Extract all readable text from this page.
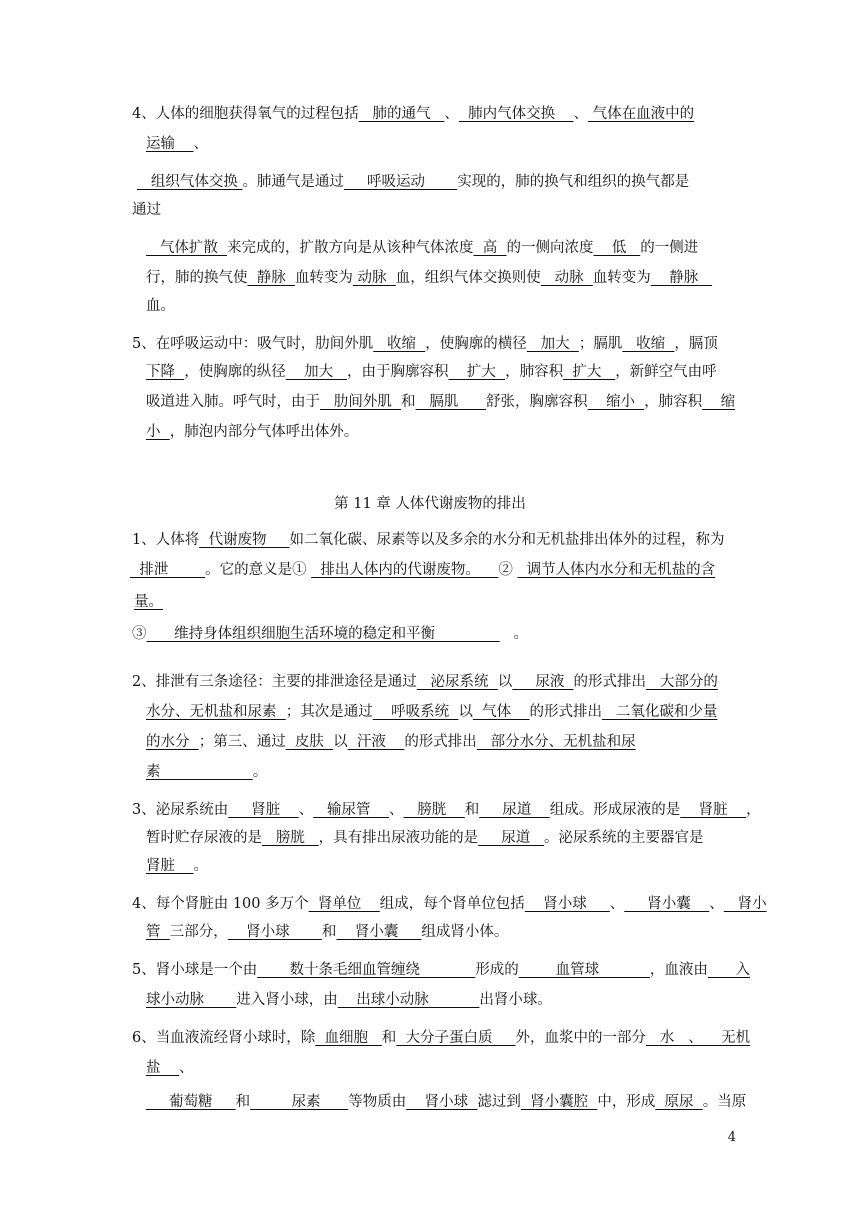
第 11 章 人体代谢废物的排出
4
4、人体的细胞获得氧气的过程包括   肺的通气   、  肺内气体交换    、 气体在血液中的
运输    、
组织气体交换 。肺通气是通过     呼吸运动       实现的，肺的换气和组织的换气都是
通过
气体扩散  来完成的，扩散方向是从该种气体浓度  高  的一侧向浓度    低   的一侧进
行，肺的换气使  静脉  血转变为 动脉  血，组织气体交换则使   动脉  血转变为    静脉
血。
5、在呼吸运动中：吸气时，肋间外肌   收缩  ，使胸廓的横径   加大  ；膈肌   收缩  ，膈顶
下降  ，使胸廓的纵径    加大   ，由于胸廓容积    扩大  ，肺容积  扩大   ，新鲜空气由呼
吸道进入肺。呼气时，由于   肋间外肌  和   膈肌      舒张，胸廓容积    缩小  ，肺容积    缩
小  ，肺泡内部分气体呼出体外。
1、人体将  代谢废物     如二氧化碳、尿素等以及多余的水分和无机盐排出体外的过程，称为
排泄        。它的意义是①   排出人体内的代谢废物。    ②   调节人体内水分和无机盐的含
量。
③      维持身体组织细胞生活环境的稳定和平衡                 。
2、排泄有三条途径：主要的排泄途径是通过   泌尿系统  以     尿液  的形式排出   大部分的
水分、无机盐和尿素  ；其次是通过    呼吸系统  以  气体    的形式排出   二氧化碳和少量
的水分  ；第三、通过  皮肤  以  汗液    的形式排出   部分水分、无机盐和尿
素                    。
3、泌尿系统由     肾脏    、   输尿管    、   膀胱    和     尿道    组成。形成尿液的是    肾脏    ，
暂时贮存尿液的是   膀胱   ，具有排出尿液功能的是     尿道   。泌尿系统的主要器官是
肾脏    。
4、每个肾脏由 100 多万个  肾单位    组成，每个肾单位包括    肾小球     、     肾小囊    、   肾小
管  三部分，    肾小球       和    肾小囊     组成肾小体。
5、肾小球是一个由       数十条毛细血管缠绕            形成的        血管球           ，血液由      入
球小动脉       进入肾小球，由    出球小动脉           出肾小球。
6、当血液流经肾小球时，除  血细胞   和  大分子蛋白质     外，血浆中的一部分   水   、    无机
盐    、
葡萄糖     和         尿素      等物质由    肾小球  滤过到  肾小囊腔  中，形成  原尿  。当原
